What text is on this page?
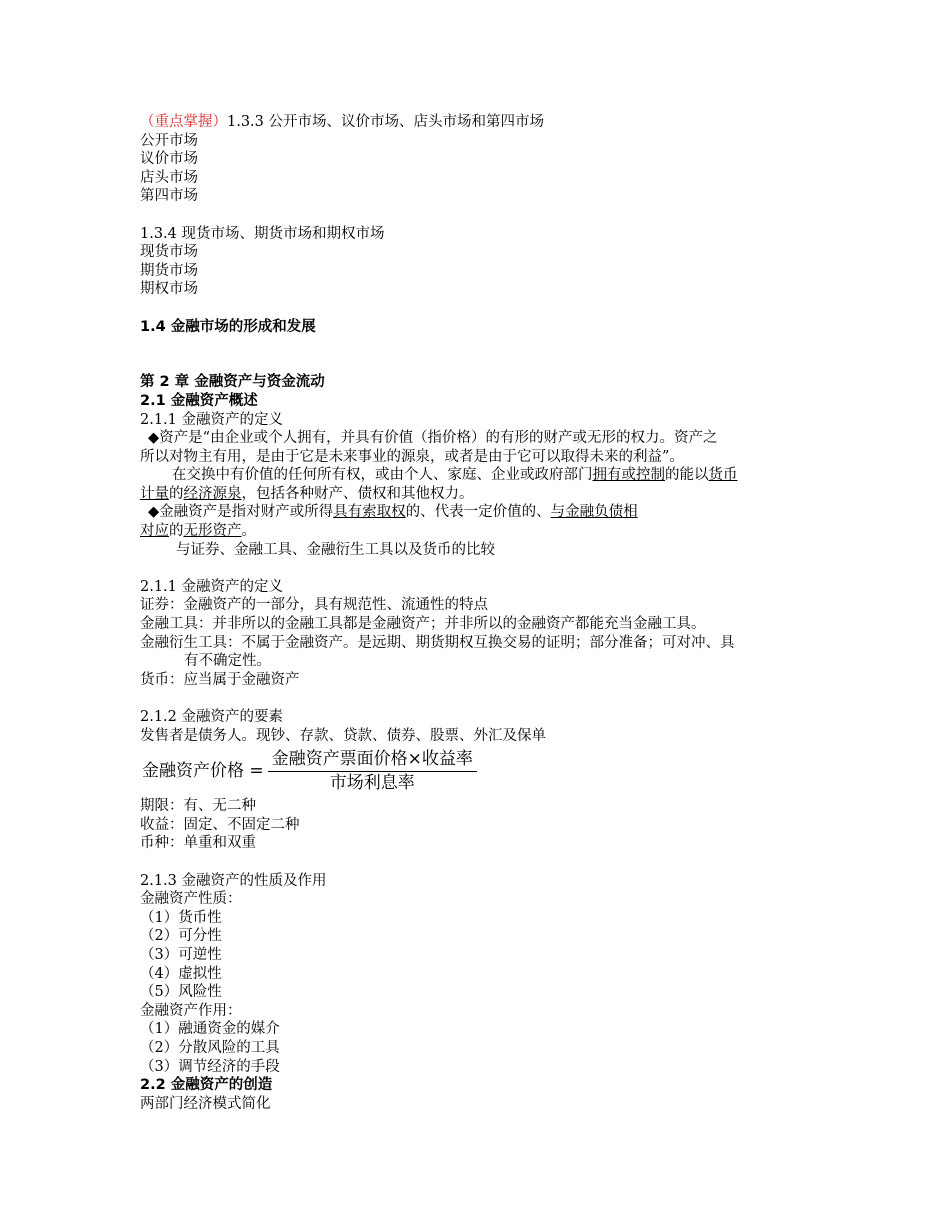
（重点掌握）1.3.3 公开市场、议价市场、店头市场和第四市场
公开市场
议价市场
店头市场
第四市场
1.3.4 现货市场、期货市场和期权市场
现货市场
期货市场
期权市场
1.4 金融市场的形成和发展
第 2 章 金融资产与资金流动
2.1 金融资产概述
2.1.1 金融资产的定义
◆资产是“由企业或个人拥有，并具有价值（指价格）的有形的财产或无形的权力。资产之
所以对物主有用，是由于它是未来事业的源泉，或者是由于它可以取得未来的利益”。
在交换中有价值的任何所有权，或由个人、家庭、企业或政府部门拥有或控制的能以货币
计量的经济源泉，包括各种财产、债权和其他权力。
◆金融资产是指对财产或所得具有索取权的、代表一定价值的、与金融负债相
对应的无形资产。
与证券、金融工具、金融衍生工具以及货币的比较
2.1.1 金融资产的定义
证券：金融资产的一部分，具有规范性、流通性的特点
金融工具：并非所以的金融工具都是金融资产；并非所以的金融资产都能充当金融工具。
金融衍生工具：不属于金融资产。是远期、期货期权互换交易的证明；部分准备；可对冲、具
有不确定性。
货币：应当属于金融资产
2.1.2 金融资产的要素
发售者是债务人。现钞、存款、贷款、债券、股票、外汇及保单
金融资产价格 = $\frac{\text{金融资产票面价格×收益率}}{\text{市场利息率}}$
期限：有、无二种
收益：固定、不固定二种
币种：单重和双重
2.1.3 金融资产的性质及作用
金融资产性质：
（1）货币性
（2）可分性
（3）可逆性
（4）虚拟性
（5）风险性
金融资产作用：
（1）融通资金的媒介
（2）分散风险的工具
（3）调节经济的手段
2.2 金融资产的创造
两部门经济模式简化
